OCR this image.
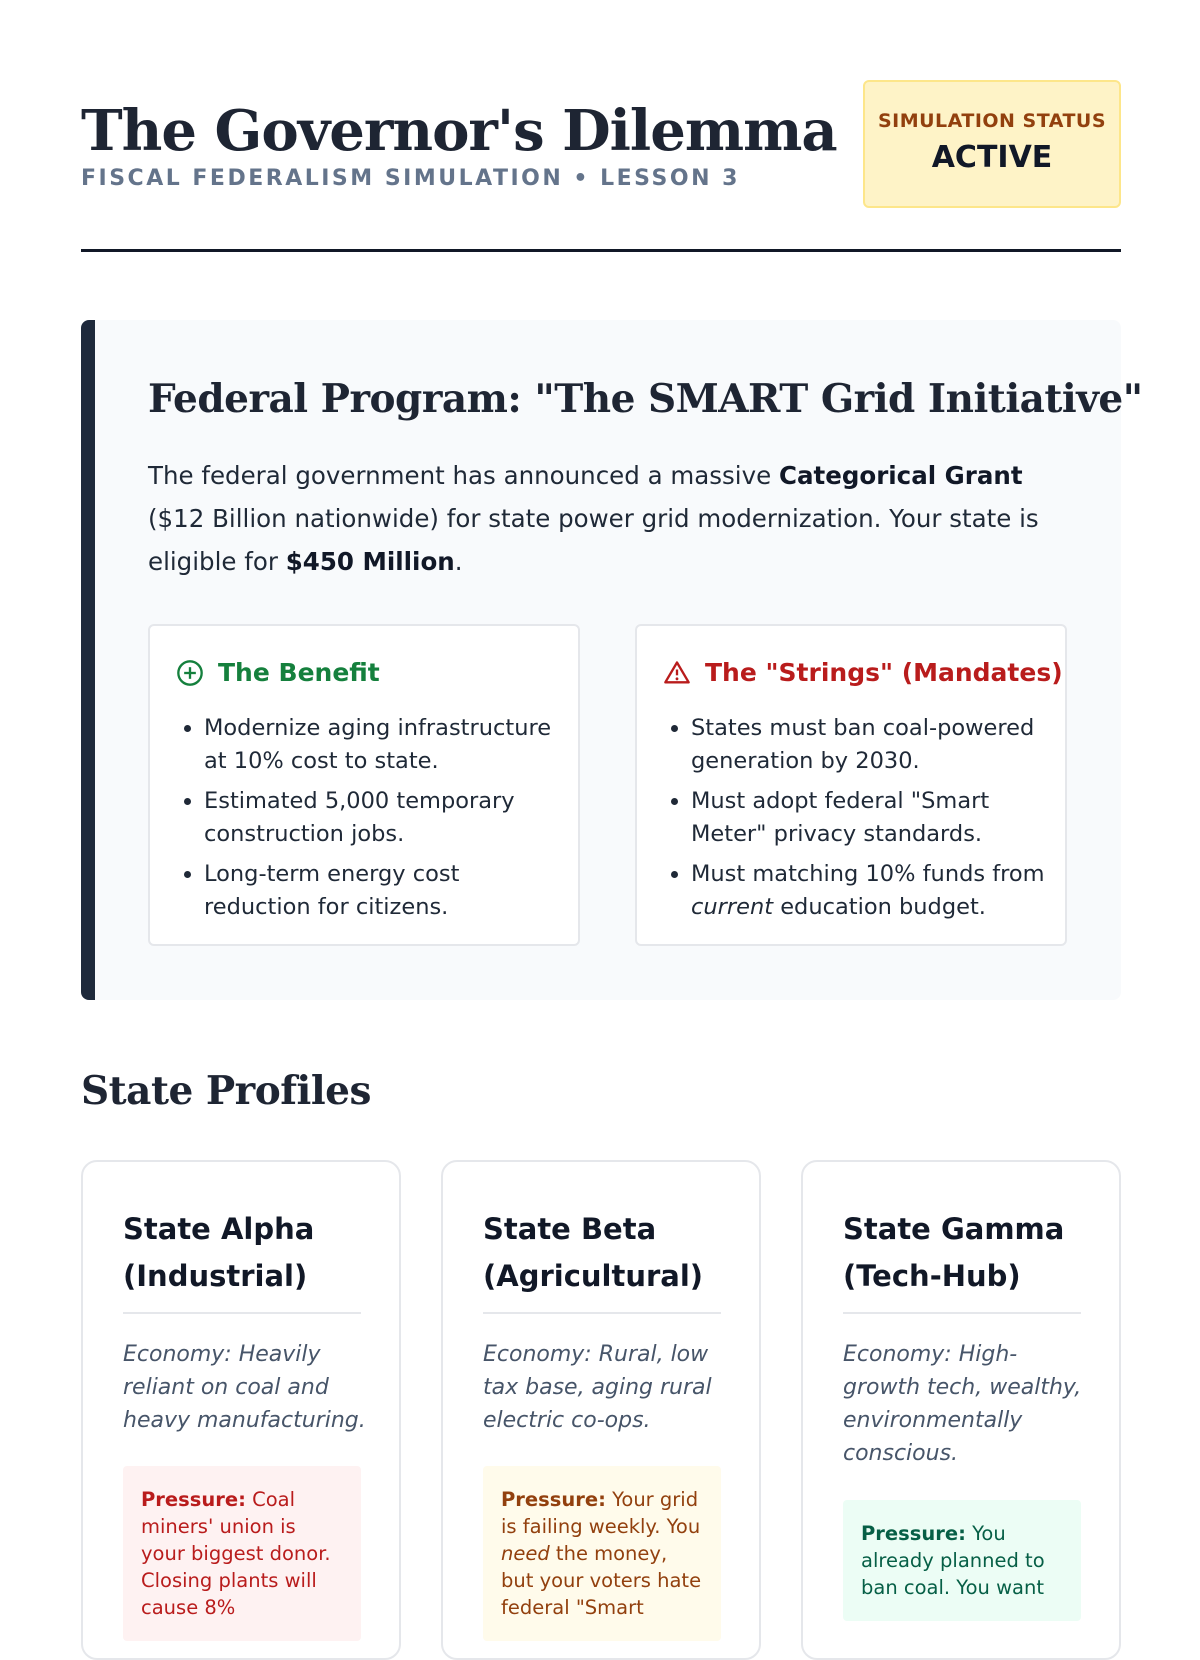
The Governor's Dilemma
FISCAL FEDERALISM SIMULATION • LESSON 3
SIMULATION STATUS
ACTIVE
Federal Program: "The SMART Grid Initiative"

The federal government has announced a massive Categorical Grant ($12 Billion nationwide) for state power grid modernization. Your state is eligible for $450 Million.

The Benefit
• Modernize aging infrastructure at 10% cost to state.
• Estimated 5,000 temporary construction jobs.
• Long-term energy cost reduction for citizens.
The "Strings" (Mandates)
• States must ban coal-powered generation by 2030.
• Must adopt federal "Smart Meter" privacy standards.
• Must matching 10% funds from current education budget.
State Profiles
State Alpha (Industrial)

Economy: Heavily reliant on coal and heavy manufacturing.

Pressure: Coal miners' union is your biggest donor. Closing plants will cause 8%
State Beta (Agricultural)

Economy: Rural, low tax base, aging rural electric co-ops.

Pressure: Your grid is failing weekly. You need the money, but your voters hate federal "Smart
State Gamma (Tech-Hub)

Economy: High-growth tech, wealthy, environmentally conscious.

Pressure: You already planned to ban coal. You want
